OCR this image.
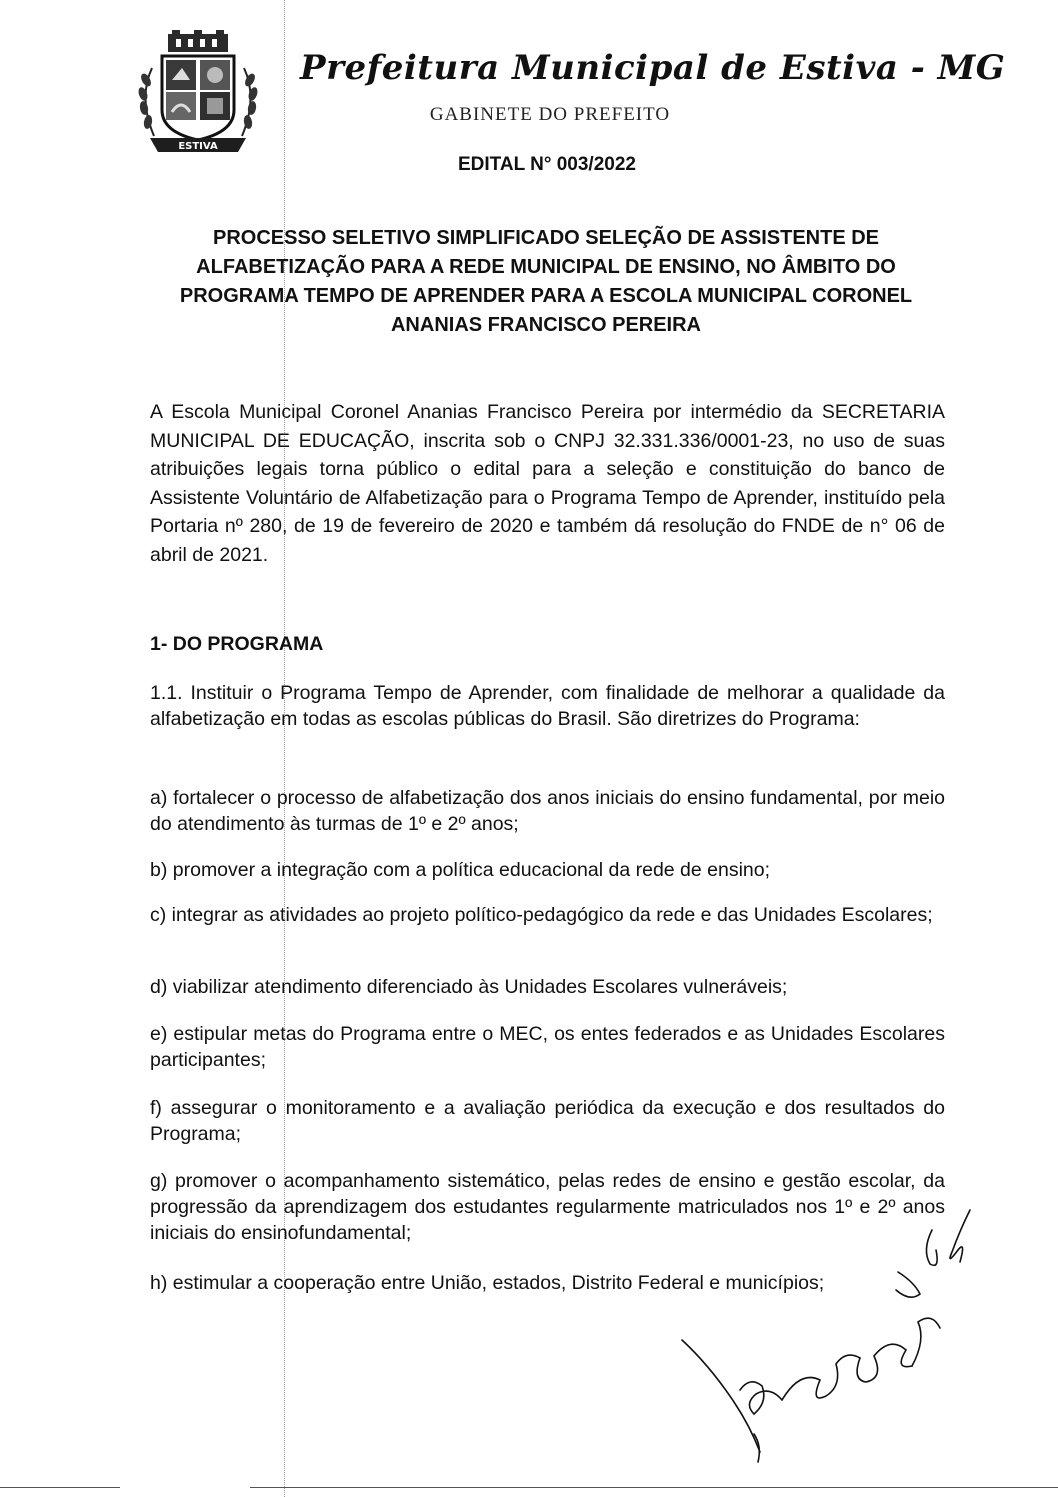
ESTIVA
Prefeitura Municipal de Estiva - MG
GABINETE DO PREFEITO
EDITAL N° 003/2022
PROCESSO SELETIVO SIMPLIFICADO SELEÇÃO DE ASSISTENTE DE
ALFABETIZAÇÃO PARA A REDE MUNICIPAL DE ENSINO, NO ÂMBITO DO
PROGRAMA TEMPO DE APRENDER PARA A ESCOLA MUNICIPAL CORONEL
ANANIAS FRANCISCO PEREIRA
A Escola Municipal Coronel Ananias Francisco Pereira por intermédio da SECRETARIA MUNICIPAL DE EDUCAÇÃO, inscrita sob o CNPJ 32.331.336/0001-23, no uso de suas atribuições legais torna público o edital para a seleção e constituição do banco de Assistente Voluntário de Alfabetização para o Programa Tempo de Aprender, instituído pela Portaria nº 280, de 19 de fevereiro de 2020 e também dá resolução do FNDE de n° 06 de abril de 2021.
1- DO PROGRAMA
1.1. Instituir o Programa Tempo de Aprender, com finalidade de melhorar a qualidade da alfabetização em todas as escolas públicas do Brasil. São diretrizes do Programa:
a) fortalecer o processo de alfabetização dos anos iniciais do ensino fundamental, por meio do atendimento às turmas de 1º e 2º anos;
b) promover a integração com a política educacional da rede de ensino;
c) integrar as atividades ao projeto político-pedagógico da rede e das Unidades Escolares;
d) viabilizar atendimento diferenciado às Unidades Escolares vulneráveis;
e) estipular metas do Programa entre o MEC, os entes federados e as Unidades Escolares participantes;
f) assegurar o monitoramento e a avaliação periódica da execução e dos resultados do Programa;
g) promover o acompanhamento sistemático, pelas redes de ensino e gestão escolar, da progressão da aprendizagem dos estudantes regularmente matriculados nos 1º e 2º anos iniciais do ensinofundamental;
h) estimular a cooperação entre União, estados, Distrito Federal e municípios;
